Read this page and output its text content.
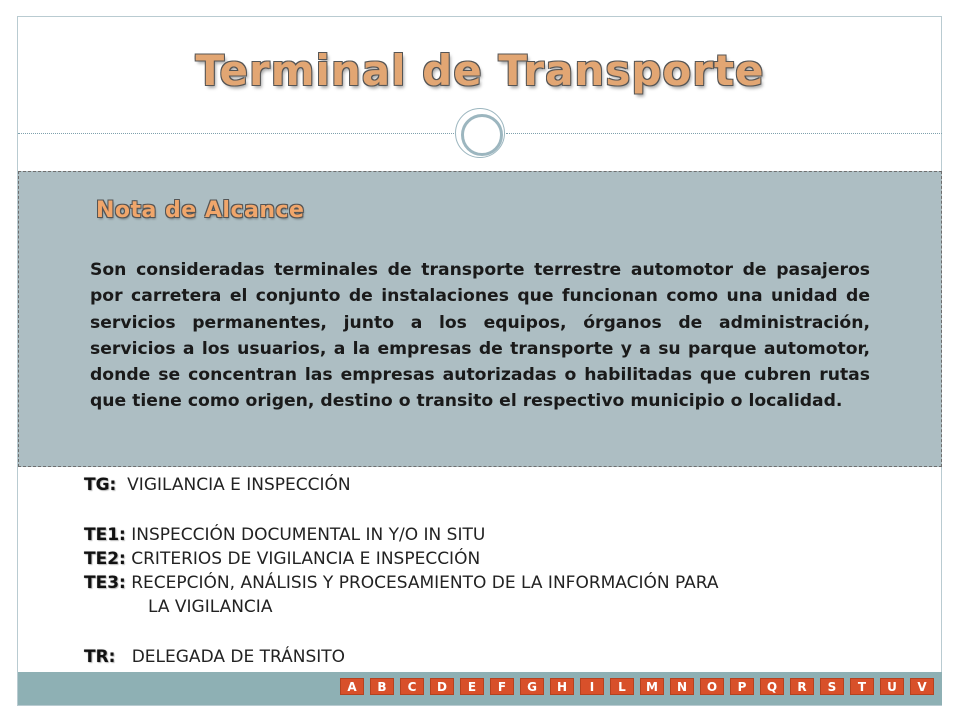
Terminal de Transporte
Nota de Alcance
Son consideradas terminales de transporte terrestre automotor de pasajeros por carretera el conjunto de instalaciones que funcionan como una unidad de servicios permanentes, junto a los equipos, órganos de administración, servicios a los usuarios, a la empresas de transporte y a su parque automotor, donde se concentran las empresas autorizadas o habilitadas que cubren rutas que tiene como origen, destino o transito el respectivo municipio o localidad.
TG: VIGILANCIA E INSPECCIÓN
TE1: INSPECCIÓN DOCUMENTAL IN Y/O IN SITU
TE2: CRITERIOS DE VIGILANCIA E INSPECCIÓN
TE3: RECEPCIÓN, ANÁLISIS Y PROCESAMIENTO DE LA INFORMACIÓN PARA
LA VIGILANCIA
TR: DELEGADA DE TRÁNSITO
A	B	C	D	E	F	G	H	I	L	M	N	O	P	Q	R	S	T	U	V
